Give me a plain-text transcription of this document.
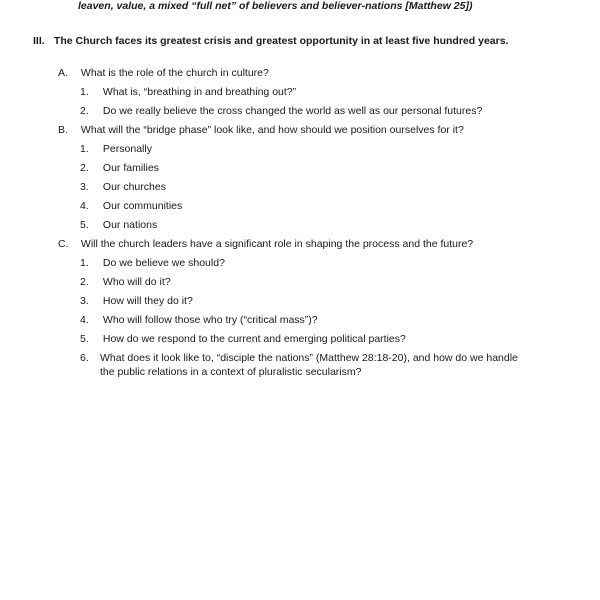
leaven, value, a mixed “full net” of believers and believer-nations [Matthew 25])
III. The Church faces its greatest crisis and greatest opportunity in at least five hundred years.
A. What is the role of the church in culture?
1. What is, “breathing in and breathing out?”
2. Do we really believe the cross changed the world as well as our personal futures?
B. What will the “bridge phase” look like, and how should we position ourselves for it?
1. Personally
2. Our families
3. Our churches
4. Our communities
5. Our nations
C. Will the church leaders have a significant role in shaping the process and the future?
1. Do we believe we should?
2. Who will do it?
3. How will they do it?
4. Who will follow those who try (“critical mass”)?
5. How do we respond to the current and emerging political parties?
6.	What does it look like to, “disciple the nations” (Matthew 28:18-20), and how do we handle the public relations in a context of pluralistic secularism?
